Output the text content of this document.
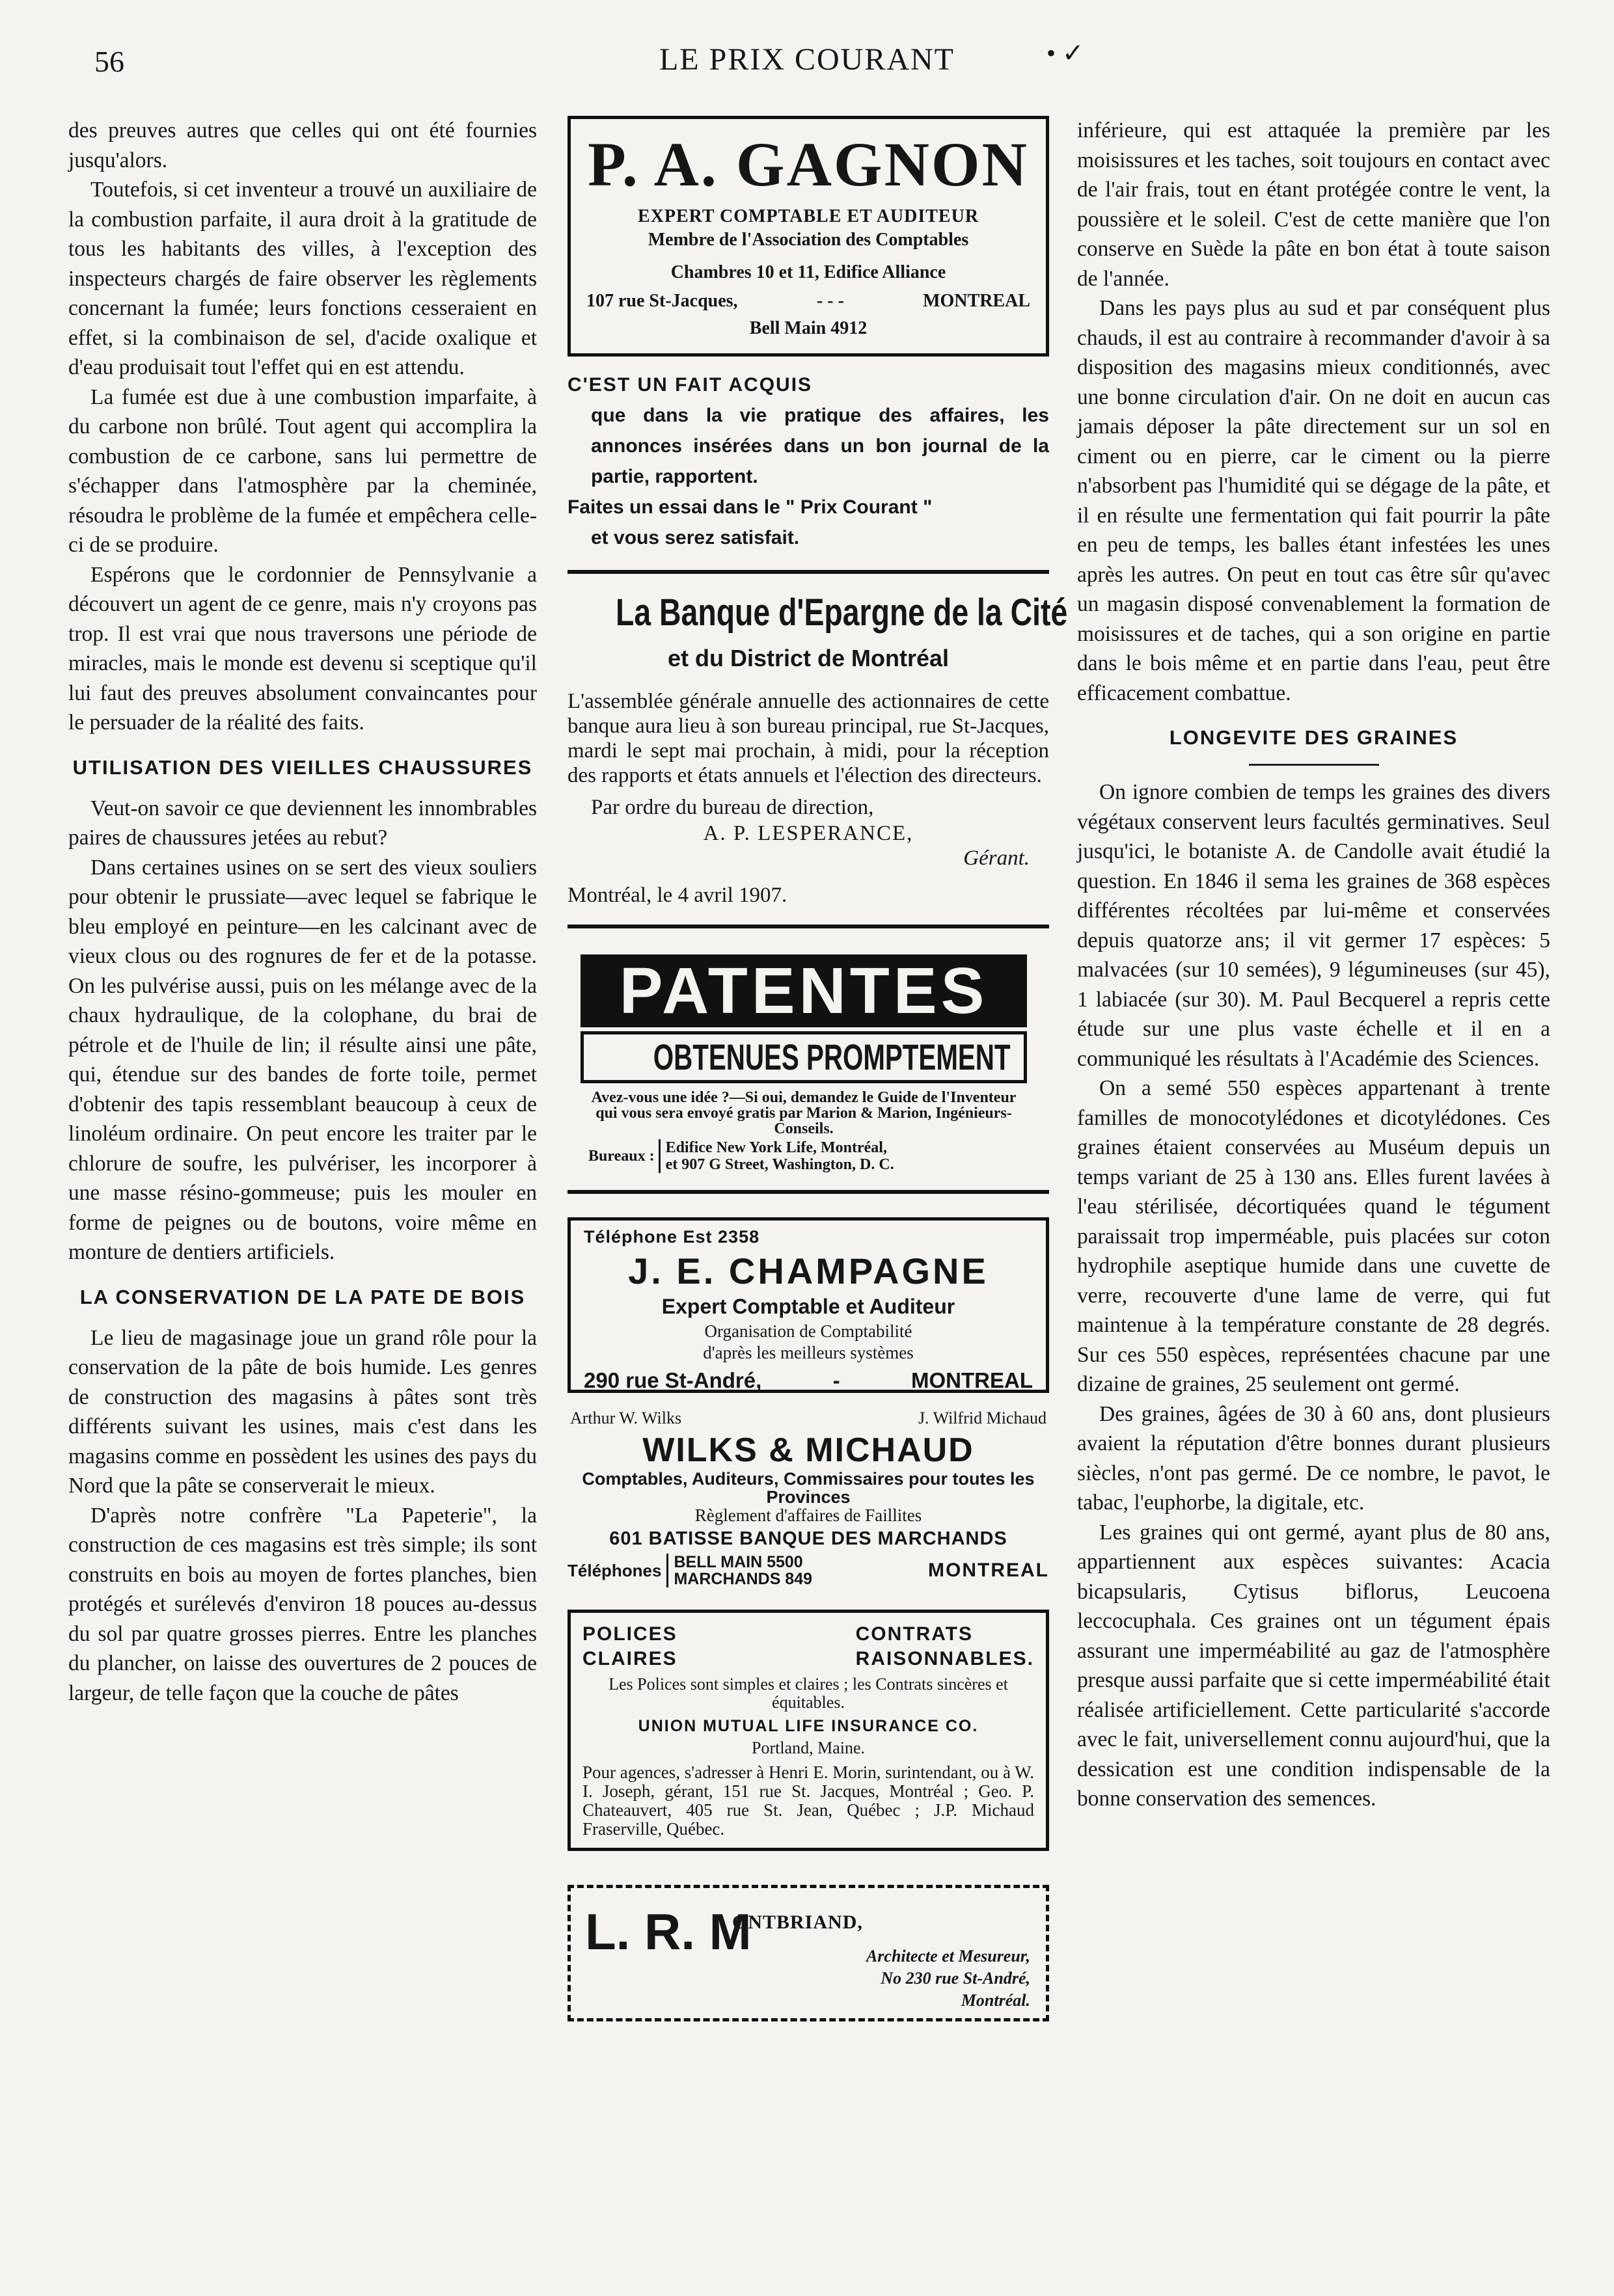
56	LE PRIX COURANT	• ✓

des preuves autres que celles qui ont été fournies jusqu'alors.

Toutefois, si cet inventeur a trouvé un auxiliaire de la combustion parfaite, il aura droit à la gratitude de tous les habitants des villes, à l'exception des inspecteurs chargés de faire observer les règlements concernant la fumée; leurs fonctions cesseraient en effet, si la combinaison de sel, d'acide oxalique et d'eau produisait tout l'effet qui en est attendu.

La fumée est due à une combustion imparfaite, à du carbone non brûlé. Tout agent qui accomplira la combustion de ce carbone, sans lui permettre de s'échapper dans l'atmosphère par la cheminée, résoudra le problème de la fumée et empêchera celle-ci de se produire.

Espérons que le cordonnier de Pennsylvanie a découvert un agent de ce genre, mais n'y croyons pas trop. Il est vrai que nous traversons une période de miracles, mais le monde est devenu si sceptique qu'il lui faut des preuves absolument convaincantes pour le persuader de la réalité des faits.

UTILISATION DES VIEILLES CHAUSSURES

Veut-on savoir ce que deviennent les innombrables paires de chaussures jetées au rebut?

Dans certaines usines on se sert des vieux souliers pour obtenir le prussiate—avec lequel se fabrique le bleu employé en peinture—en les calcinant avec de vieux clous ou des rognures de fer et de la potasse. On les pulvérise aussi, puis on les mélange avec de la chaux hydraulique, de la colophane, du brai de pétrole et de l'huile de lin; il résulte ainsi une pâte, qui, étendue sur des bandes de forte toile, permet d'obtenir des tapis ressemblant beaucoup à ceux de linoléum ordinaire. On peut encore les traiter par le chlorure de soufre, les pulvériser, les incorporer à une masse résino-gommeuse; puis les mouler en forme de peignes ou de boutons, voire même en monture de dentiers artificiels.

LA CONSERVATION DE LA PATE DE BOIS

Le lieu de magasinage joue un grand rôle pour la conservation de la pâte de bois humide. Les genres de construction des magasins à pâtes sont très différents suivant les usines, mais c'est dans les magasins comme en possèdent les usines des pays du Nord que la pâte se conserverait le mieux.

D'après notre confrère "La Papeterie", la construction de ces magasins est très simple; ils sont construits en bois au moyen de fortes planches, bien protégés et surélevés d'environ 18 pouces au-dessus du sol par quatre grosses pierres. Entre les planches du plancher, on laisse des ouvertures de 2 pouces de largeur, de telle façon que la couche de pâtes

P. A. GAGNON
EXPERT COMPTABLE ET AUDITEUR
Membre de l'Association des Comptables
Chambres 10 et 11, Edifice Alliance
107 rue St-Jacques,	- - -	MONTREAL
Bell Main 4912
C'EST UN FAIT ACQUIS
que dans la vie pratique des affaires, les annonces insérées dans un bon journal de la partie, rapportent.
Faites un essai dans le " Prix Courant "
et vous serez satisfait.
La Banque d'Epargne de la Cité
et du District de Montréal
L'assemblée générale annuelle des actionnaires de cette banque aura lieu à son bureau principal, rue St-Jacques, mardi le sept mai prochain, à midi, pour la réception des rapports et états annuels et l'élection des directeurs.
Par ordre du bureau de direction,
A. P. LESPERANCE,
Gérant.
Montréal, le 4 avril 1907.
PATENTES
OBTENUES PROMPTEMENT
Avez-vous une idée ?—Si oui, demandez le Guide de l'Inventeur qui vous sera envoyé gratis par Marion & Marion, Ingénieurs-Conseils.
Bureaux : Edifice New York Life, Montréal,
et 907 G Street, Washington, D. C.
Téléphone Est 2358
J. E. CHAMPAGNE
Expert Comptable et Auditeur
Organisation de Comptabilité
d'après les meilleurs systèmes
290 rue St-André,	-	MONTREAL
Arthur W. Wilks	J. Wilfrid Michaud
WILKS & MICHAUD
Comptables, Auditeurs, Commissaires pour toutes les Provinces
Règlement d'affaires de Faillites
601 BATISSE BANQUE DES MARCHANDS
Téléphones BELL MAIN 5500
MARCHANDS 849	MONTREAL
POLICES
CLAIRES
CONTRATS
RAISONNABLES.
Les Polices sont simples et claires ; les Contrats sincères et équitables.
UNION MUTUAL LIFE INSURANCE CO.
Portland, Maine.
Pour agences, s'adresser à Henri E. Morin, surintendant, ou à W. I. Joseph, gérant, 151 rue St. Jacques, Montréal ; Geo. P. Chateauvert, 405 rue St. Jean, Québec ; J.P. Michaud Fraserville, Québec.
L. R. M
ONTBRIAND,
Architecte et Mesureur,
No 230 rue St-André,
Montréal.

inférieure, qui est attaquée la première par les moisissures et les taches, soit toujours en contact avec de l'air frais, tout en étant protégée contre le vent, la poussière et le soleil. C'est de cette manière que l'on conserve en Suède la pâte en bon état à toute saison de l'année.

Dans les pays plus au sud et par conséquent plus chauds, il est au contraire à recommander d'avoir à sa disposition des magasins mieux conditionnés, avec une bonne circulation d'air. On ne doit en aucun cas jamais déposer la pâte directement sur un sol en ciment ou en pierre, car le ciment ou la pierre n'absorbent pas l'humidité qui se dégage de la pâte, et il en résulte une fermentation qui fait pourrir la pâte en peu de temps, les balles étant infestées les unes après les autres. On peut en tout cas être sûr qu'avec un magasin disposé convenablement la formation de moisissures et de taches, qui a son origine en partie dans le bois même et en partie dans l'eau, peut être efficacement combattue.

LONGEVITE DES GRAINES

On ignore combien de temps les graines des divers végétaux conservent leurs facultés germinatives. Seul jusqu'ici, le botaniste A. de Candolle avait étudié la question. En 1846 il sema les graines de 368 espèces différentes récoltées par lui-même et conservées depuis quatorze ans; il vit germer 17 espèces: 5 malvacées (sur 10 semées), 9 légumineuses (sur 45), 1 labiacée (sur 30). M. Paul Becquerel a repris cette étude sur une plus vaste échelle et il en a communiqué les résultats à l'Académie des Sciences.

On a semé 550 espèces appartenant à trente familles de monocotylédones et dicotylédones. Ces graines étaient conservées au Muséum depuis un temps variant de 25 à 130 ans. Elles furent lavées à l'eau stérilisée, décortiquées quand le tégument paraissait trop imperméable, puis placées sur coton hydrophile aseptique humide dans une cuvette de verre, recouverte d'une lame de verre, qui fut maintenue à la température constante de 28 degrés. Sur ces 550 espèces, représentées chacune par une dizaine de graines, 25 seulement ont germé.

Des graines, âgées de 30 à 60 ans, dont plusieurs avaient la réputation d'être bonnes durant plusieurs siècles, n'ont pas germé. De ce nombre, le pavot, le tabac, l'euphorbe, la digitale, etc.

Les graines qui ont germé, ayant plus de 80 ans, appartiennent aux espèces suivantes: Acacia bicapsularis, Cytisus biflorus, Leucoena leccocuphala. Ces graines ont un tégument épais assurant une imperméabilité au gaz de l'atmosphère presque aussi parfaite que si cette imperméabilité était réalisée artificiellement. Cette particularité s'accorde avec le fait, universellement connu aujourd'hui, que la dessication est une condition indispensable de la bonne conservation des semences.
